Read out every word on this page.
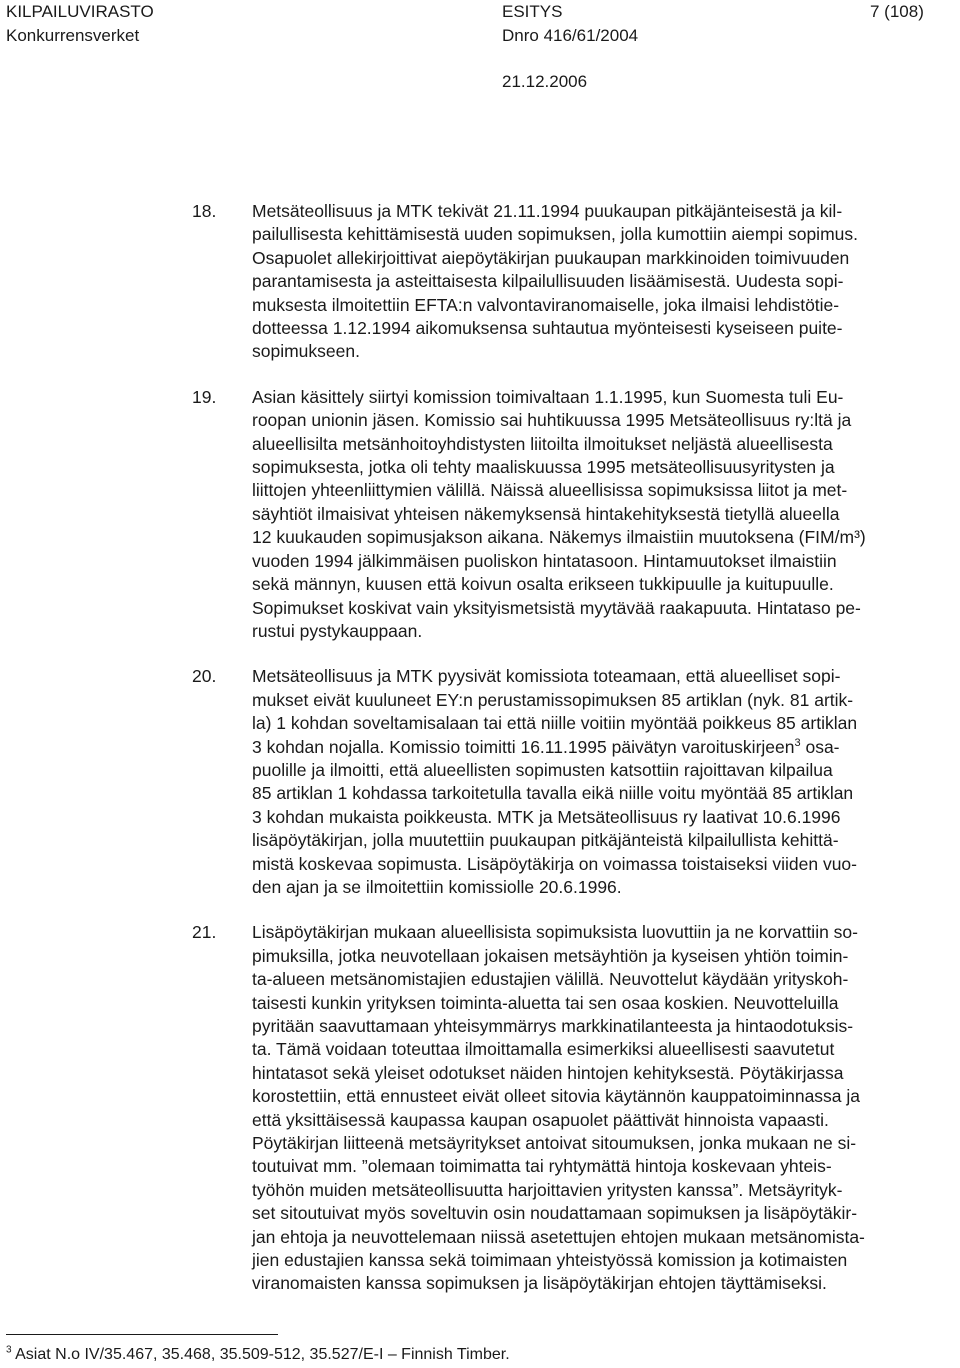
KILPAILUVIRASTO
Konkurrensverket
ESITYS
Dnro 416/61/2004
21.12.2006
7 (108)
18. Metsäteollisuus ja MTK tekivät 21.11.1994 puukaupan pitkäjänteisestä ja kil-
pailullisesta kehittämisestä uuden sopimuksen, jolla kumottiin aiempi sopimus.
Osapuolet allekirjoittivat aiepöytäkirjan puukaupan markkinoiden toimivuuden
parantamisesta ja asteittaisesta kilpailullisuuden lisäämisestä. Uudesta sopi-
muksesta ilmoitettiin EFTA:n valvontaviranomaiselle, joka ilmaisi lehdistötie-
dotteessa 1.12.1994 aikomuksensa suhtautua myönteisesti kyseiseen puite-
sopimukseen.
19. Asian käsittely siirtyi komission toimivaltaan 1.1.1995, kun Suomesta tuli Eu-
roopan unionin jäsen. Komissio sai huhtikuussa 1995 Metsäteollisuus ry:ltä ja
alueellisilta metsänhoitoyhdistysten liitoilta ilmoitukset neljästä alueellisesta
sopimuksesta, jotka oli tehty maaliskuussa 1995 metsäteollisuusyritysten ja
liittojen yhteenliittymien välillä. Näissä alueellisissa sopimuksissa liitot ja met-
säyhtiöt ilmaisivat yhteisen näkemyksensä hintakehityksestä tietyllä alueella
12 kuukauden sopimusjakson aikana. Näkemys ilmaistiin muutoksena (FIM/m³)
vuoden 1994 jälkimmäisen puoliskon hintatasoon. Hintamuutokset ilmaistiin
sekä männyn, kuusen että koivun osalta erikseen tukkipuulle ja kuitupuulle.
Sopimukset koskivat vain yksityismetsistä myytävää raakapuuta. Hintataso pe-
rustui pystykauppaan.
20. Metsäteollisuus ja MTK pyysivät komissiota toteamaan, että alueelliset sopi-
mukset eivät kuuluneet EY:n perustamissopimuksen 85 artiklan (nyk. 81 artik-
la) 1 kohdan soveltamisalaan tai että niille voitiin myöntää poikkeus 85 artiklan
3 kohdan nojalla. Komissio toimitti 16.11.1995 päivätyn varoituskirjeen$^3$ osa-
puolille ja ilmoitti, että alueellisten sopimusten katsottiin rajoittavan kilpailua
85 artiklan 1 kohdassa tarkoitetulla tavalla eikä niille voitu myöntää 85 artiklan
3 kohdan mukaista poikkeusta. MTK ja Metsäteollisuus ry laativat 10.6.1996
lisäpöytäkirjan, jolla muutettiin puukaupan pitkäjänteistä kilpailullista kehittä-
mistä koskevaa sopimusta. Lisäpöytäkirja on voimassa toistaiseksi viiden vuo-
den ajan ja se ilmoitettiin komissiolle 20.6.1996.
21. Lisäpöytäkirjan mukaan alueellisista sopimuksista luovuttiin ja ne korvattiin so-
pimuksilla, jotka neuvotellaan jokaisen metsäyhtiön ja kyseisen yhtiön toimin-
ta-alueen metsänomistajien edustajien välillä. Neuvottelut käydään yrityskoh-
taisesti kunkin yrityksen toiminta-aluetta tai sen osaa koskien. Neuvotteluilla
pyritään saavuttamaan yhteisymmärrys markkinatilanteesta ja hintaodotuksis-
ta. Tämä voidaan toteuttaa ilmoittamalla esimerkiksi alueellisesti saavutetut
hintatasot sekä yleiset odotukset näiden hintojen kehityksestä. Pöytäkirjassa
korostettiin, että ennusteet eivät olleet sitovia käytännön kauppatoiminnassa ja
että yksittäisessä kaupassa kaupan osapuolet päättivät hinnoista vapaasti.
Pöytäkirjan liitteenä metsäyritykset antoivat sitoumuksen, jonka mukaan ne si-
toutuivat mm. ”olemaan toimimatta tai ryhtymättä hintoja koskevaan yhteis-
työhön muiden metsäteollisuutta harjoittavien yritysten kanssa”. Metsäyrityk-
set sitoutuivat myös soveltuvin osin noudattamaan sopimuksen ja lisäpöytäkir-
jan ehtoja ja neuvottelemaan niissä asetettujen ehtojen mukaan metsänomista-
jien edustajien kanssa sekä toimimaan yhteistyössä komission ja kotimaisten
viranomaisten kanssa sopimuksen ja lisäpöytäkirjan ehtojen täyttämiseksi.
$^3$ Asiat N.o IV/35.467, 35.468, 35.509-512, 35.527/E-I – Finnish Timber.
